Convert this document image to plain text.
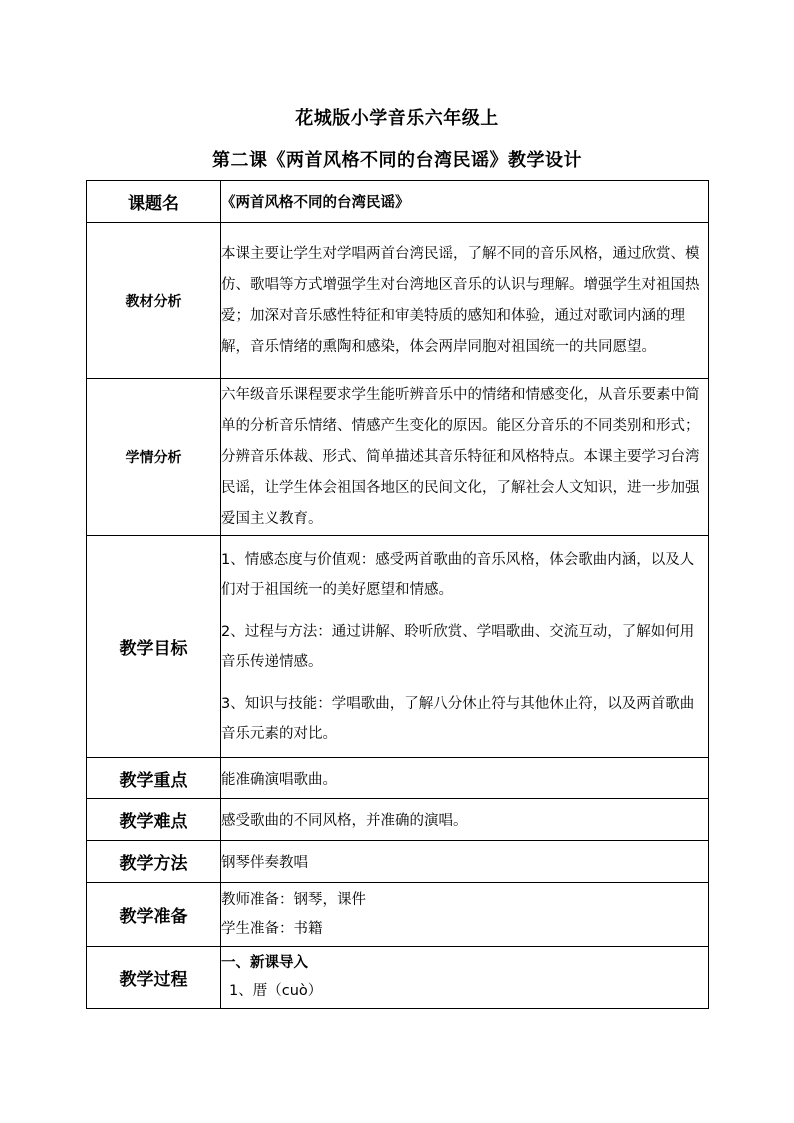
花城版小学音乐六年级上
第二课《两首风格不同的台湾民谣》教学设计
课题名	《两首风格不同的台湾民谣》
教材分析	本课主要让学生对学唱两首台湾民谣，了解不同的音乐风格，通过欣赏、模仿、歌唱等方式增强学生对台湾地区音乐的认识与理解。增强学生对祖国热爱；加深对音乐感性特征和审美特质的感知和体验，通过对歌词内涵的理解，音乐情绪的熏陶和感染，体会两岸同胞对祖国统一的共同愿望。

学情分析	六年级音乐课程要求学生能听辨音乐中的情绪和情感变化，从音乐要素中简单的分析音乐情绪、情感产生变化的原因。能区分音乐的不同类别和形式；分辨音乐体裁、形式、简单描述其音乐特征和风格特点。本课主要学习台湾民谣，让学生体会祖国各地区的民间文化，了解社会人文知识，进一步加强爱国主义教育。

教学目标	1、情感态度与价值观：感受两首歌曲的音乐风格，体会歌曲内涵，以及人们对于祖国统一的美好愿望和情感。

2、过程与方法：通过讲解、聆听欣赏、学唱歌曲、交流互动，了解如何用音乐传递情感。

3、知识与技能：学唱歌曲，了解八分休止符与其他休止符，以及两首歌曲音乐元素的对比。

教学重点	能准确演唱歌曲。
教学难点	感受歌曲的不同风格，并准确的演唱。
教学方法	钢琴伴奏教唱
教学准备	教师准备：钢琴，课件
学生准备：书籍

教学过程	一、新课导入
1、厝（cuò）
